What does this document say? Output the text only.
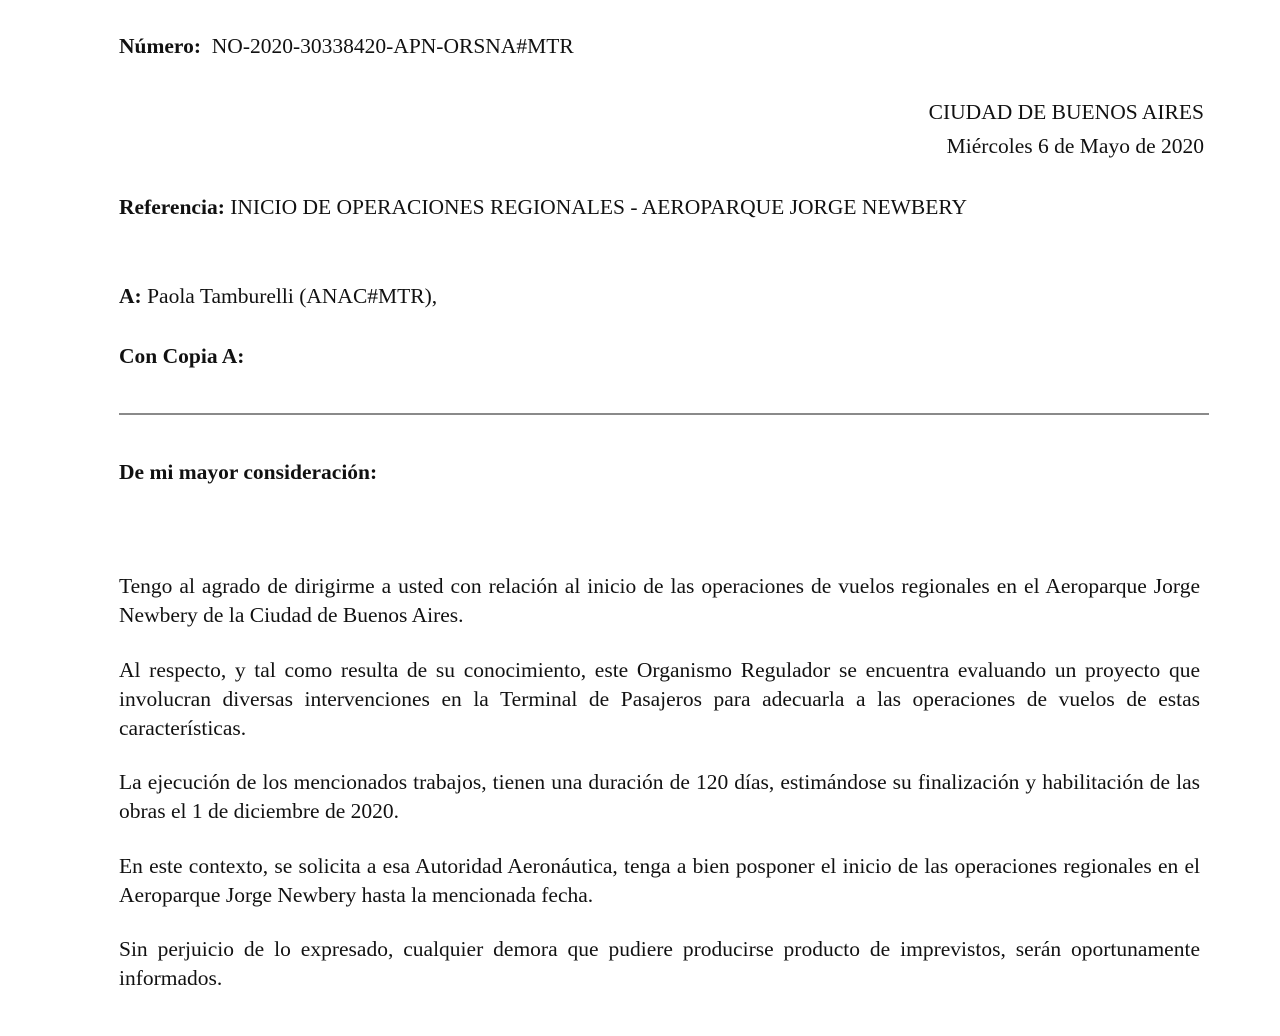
Número: NO-2020-30338420-APN-ORSNA#MTR
CIUDAD DE BUENOS AIRES
Miércoles 6 de Mayo de 2020
Referencia: INICIO DE OPERACIONES REGIONALES - AEROPARQUE JORGE NEWBERY
A: Paola Tamburelli (ANAC#MTR),
Con Copia A:
De mi mayor consideración:

Tengo al agrado de dirigirme a usted con relación al inicio de las operaciones de vuelos regionales en el Aeroparque Jorge Newbery de la Ciudad de Buenos Aires.

Al respecto, y tal como resulta de su conocimiento, este Organismo Regulador se encuentra evaluando un proyecto que involucran diversas intervenciones en la Terminal de Pasajeros para adecuarla a las operaciones de vuelos de estas características.

La ejecución de los mencionados trabajos, tienen una duración de 120 días, estimándose su finalización y habilitación de las obras el 1 de diciembre de 2020.

En este contexto, se solicita a esa Autoridad Aeronáutica, tenga a bien posponer el inicio de las operaciones regionales en el Aeroparque Jorge Newbery hasta la mencionada fecha.

Sin perjuicio de lo expresado, cualquier demora que pudiere producirse producto de imprevistos, serán oportunamente informados.
